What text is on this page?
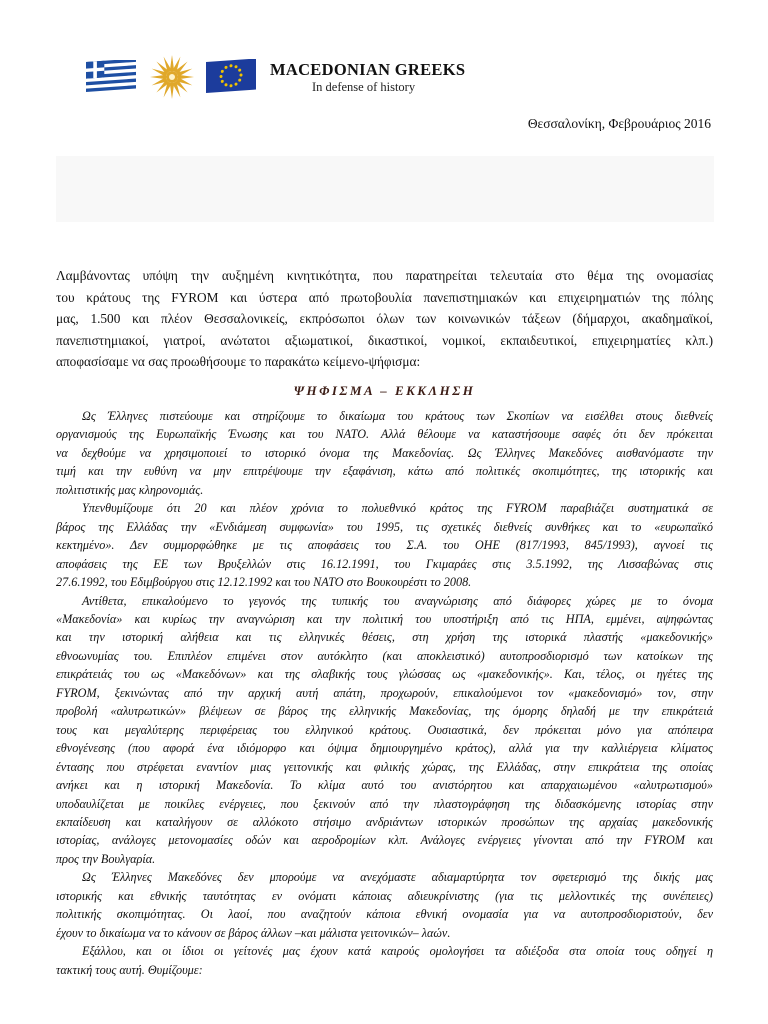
MACEDONIAN GREEKS
In defense of history
Θεσσαλονίκη, Φεβρουάριος 2016

Λαμβάνοντας υπόψη την αυξημένη κινητικότητα, που παρατηρείται τελευταία στο θέμα της ονομασίας
του κράτους της FYROM και ύστερα από πρωτοβουλία πανεπιστημιακών και επιχειρηματιών της πόλης
μας, 1.500 και πλέον Θεσσαλονικείς, εκπρόσωποι όλων των κοινωνικών τάξεων (δήμαρχοι, ακαδημαϊκοί,
πανεπιστημιακοί, γιατροί, ανώτατοι αξιωματικοί, δικαστικοί, νομικοί, εκπαιδευτικοί, επιχειρηματίες κλπ.)
αποφασίσαμε να σας προωθήσουμε το παρακάτω κείμενο-ψήφισμα:

ΨΗΦΙΣΜΑ – ΕΚΚΛΗΣΗ
Ως Έλληνες πιστεύουμε και στηρίζουμε το δικαίωμα του κράτους των Σκοπίων να εισέλθει στους διεθνείς
οργανισμούς της Ευρωπαϊκής Ένωσης και του ΝΑΤΟ. Αλλά θέλουμε να καταστήσουμε σαφές ότι δεν πρόκειται
να δεχθούμε να χρησιμοποιεί το ιστορικό όνομα της Μακεδονίας. Ως Έλληνες Μακεδόνες αισθανόμαστε την
τιμή και την ευθύνη να μην επιτρέψουμε την εξαφάνιση, κάτω από πολιτικές σκοπιμότητες, της ιστορικής και
πολιτιστικής μας κληρονομιάς.
Υπενθυμίζουμε ότι 20 και πλέον χρόνια το πολυεθνικό κράτος της FYROM παραβιάζει συστηματικά σε
βάρος της Ελλάδας την «Ενδιάμεση συμφωνία» του 1995, τις σχετικές διεθνείς συνθήκες και το «ευρωπαϊκό
κεκτημένο». Δεν συμμορφώθηκε με τις αποφάσεις του Σ.Α. του ΟΗΕ (817/1993, 845/1993), αγνοεί τις
αποφάσεις της ΕΕ των Βρυξελλών στις 16.12.1991, του Γκιμαράες στις 3.5.1992, της Λισσαβώνας στις
27.6.1992, του Εδιμβούργου στις 12.12.1992 και του ΝΑΤΟ στο Βουκουρέστι το 2008.
Αντίθετα, επικαλούμενο το γεγονός της τυπικής του αναγνώρισης από διάφορες χώρες με το όνομα
«Μακεδονία» και κυρίως την αναγνώριση και την πολιτική του υποστήριξη από τις ΗΠΑ, εμμένει, αψηφώντας
και την ιστορική αλήθεια και τις ελληνικές θέσεις, στη χρήση της ιστορικά πλαστής «μακεδονικής»
εθνοων​υμίας του. Επιπλέον επιμένει στον αυτόκλητο (και αποκλειστικό) αυτοπροσδιορισμό των κατοίκων της
επικράτειάς του ως «Μακεδόνων» και της σλαβικής τους γλώσσας ως «μακεδονικής». Και, τέλος, οι ηγέτες της
FYROM, ξεκινώντας από την αρχική αυτή απάτη, προχωρούν, επικαλούμενοι τον «μακεδονισμό» τον, στην
προβολή «αλυτρωτικών» βλέψεων σε βάρος της ελληνικής Μακεδονίας, της όμορης δηλαδή με την επικράτειά
τους και μεγαλύτερης περιφέρειας του ελληνικού κράτους. Ουσιαστικά, δεν πρόκειται μόνο για απόπειρα
εθνογένεσης (που αφορά ένα ιδιόμορφο και όψιμα δημιουργημένο κράτος), αλλά για την καλλιέργεια κλίματος
έντασης που στρέφεται εναντίον μιας γειτονικής και φιλικής χώρας, της Ελλάδας, στην επικράτεια της οποίας
ανήκει και η ιστορική Μακεδονία. Το κλίμα αυτό του ανιστόρητου και απαρχαιωμένου «αλυτρωτισμού»
υποδαυλίζεται με ποικίλες ενέργειες, που ξεκινούν από την πλαστογράφηση της διδασκόμενης ιστορίας στην
εκπαίδευση και καταλήγουν σε αλλόκοτο στήσιμο ανδριάντων ιστορικών προσώπων της αρχαίας μακεδονικής
ιστορίας, ανάλογες μετονομασίες οδών και αεροδρομίων κλπ. Ανάλογες ενέργειες γίνονται από την FYROM και
προς την Βουλγαρία.
Ως Έλληνες Μακεδόνες δεν μπορούμε να ανεχόμαστε αδιαμαρτύρητα τον σφετερισμό της δικής μας
ιστορικής και εθνικής ταυτότητας εν ονόματι κάποιας αδιευκρίνιστης (για τις μελλοντικές της συνέπειες)
πολιτικής σκοπιμότητας. Οι λαοί, που αναζητούν κάποια εθνική ονομασία για να αυτοπροσδιοριστούν, δεν
έχουν το δικαίωμα να το κάνουν σε βάρος άλλων –και μάλιστα γειτονικών– λαών.
Εξάλλου, και οι ίδιοι οι γείτονές μας έχουν κατά καιρούς ομολογήσει τα αδιέξοδα στα οποία τους οδηγεί η
τακτική τους αυτή. Θυμίζουμε:
